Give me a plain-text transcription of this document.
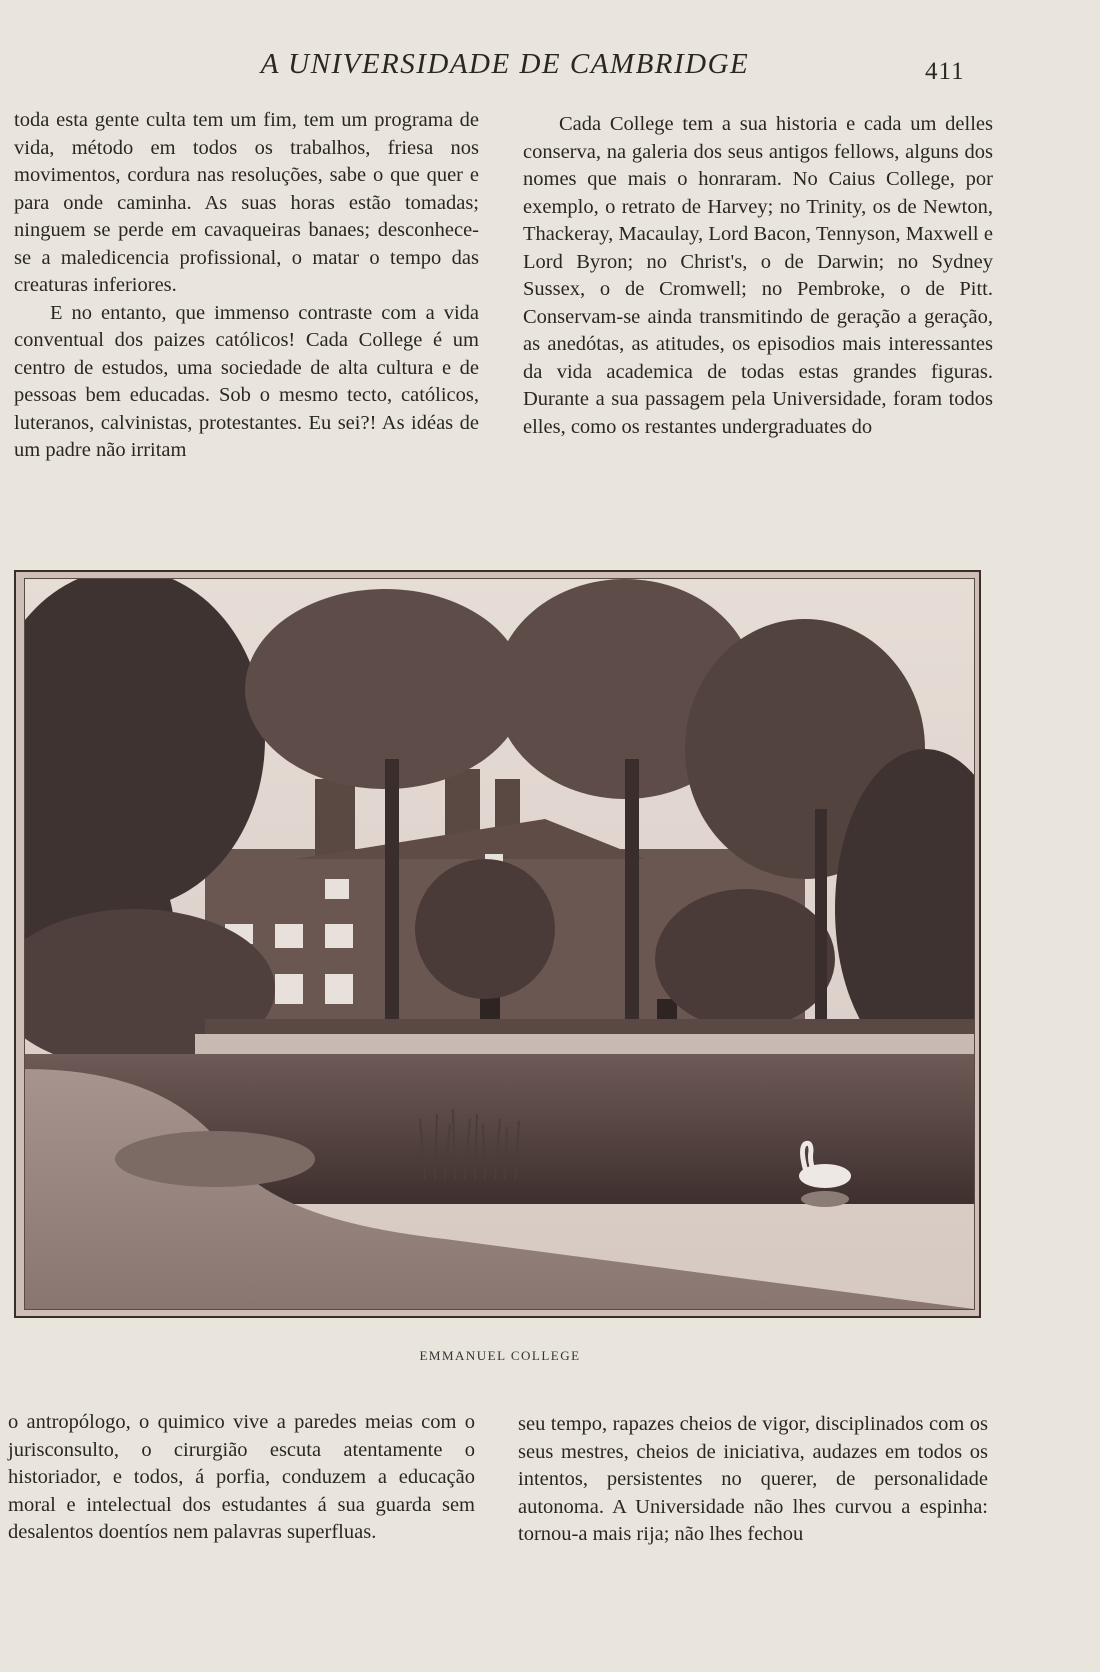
A UNIVERSIDADE DE CAMBRIDGE	411

toda esta gente culta tem um fim, tem um programa de vida, método em todos os trabalhos, friesa nos movimentos, cordura nas resoluções, sabe o que quer e para onde caminha. As suas horas estão tomadas; ninguem se perde em cavaqueiras banaes; desconhece-se a maledicencia profissional, o matar o tempo das creaturas inferiores.

E no entanto, que immenso contraste com a vida conventual dos paizes católicos! Cada College é um centro de estudos, uma sociedade de alta cultura e de pessoas bem educadas. Sob o mesmo tecto, católicos, luteranos, calvinistas, protestantes. Eu sei?! As idéas de um padre não irritam

Cada College tem a sua historia e cada um delles conserva, na galeria dos seus antigos fellows, alguns dos nomes que mais o honraram. No Caius College, por exemplo, o retrato de Harvey; no Trinity, os de Newton, Thackeray, Macaulay, Lord Bacon, Tennyson, Maxwell e Lord Byron; no Christ's, o de Darwin; no Sydney Sussex, o de Cromwell; no Pembroke, o de Pitt. Conservam-se ainda transmitindo de geração a geração, as anedótas, as atitudes, os episodios mais interessantes da vida academica de todas estas grandes figuras. Durante a sua passagem pela Universidade, foram todos elles, como os restantes undergraduates do

EMMANUEL COLLEGE

o antropólogo, o quimico vive a paredes meias com o jurisconsulto, o cirurgião escuta atentamente o historiador, e todos, á porfia, conduzem a educação moral e intelectual dos estudantes á sua guarda sem desalentos doentíos nem palavras superfluas.

seu tempo, rapazes cheios de vigor, disciplinados com os seus mestres, cheios de iniciativa, audazes em todos os intentos, persistentes no querer, de personalidade autonoma. A Universidade não lhes curvou a espinha: tornou-a mais rija; não lhes fechou
